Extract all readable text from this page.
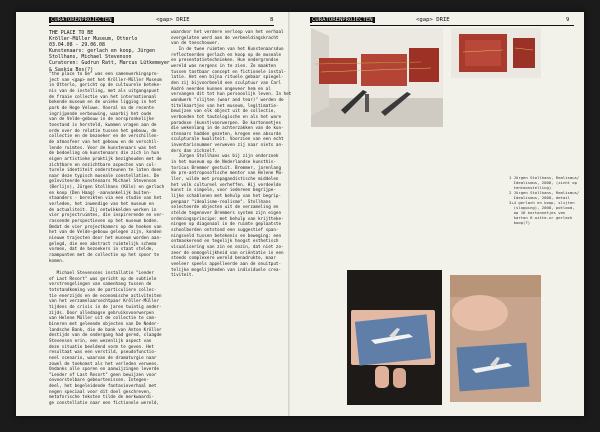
CURATORENPROJECTEN	<gap> DRIE	8
THE PLACE TO BE
Kröller-Müller Museum, Otterlo
03.04.08 - 29.06.08
Kunstenaars: gerlach en koop, Jürgen
Stollhans, Michael Stevenson
Curatoren: Gudrun Ratt, Marcus Lütkemeyer
& Saskia Bos(?)
"the place to be" was een samenwerkingspro-
ject van <gap> met het Kröller-Müller Museum
in Otterlo, gericht op de cultuurele beteke-
nis van de instelling, met als uitgangspunt
de fraaie collectie van het internationaal
bekende museum en de unieke ligging in het
park de Hoge Veluwe. Vooral na de recente
ingrijpende verbouwing, waarbij het oude
van de Velde-gebouw in de oorspronkelijke
toestand is hersteld, kwamen vragen aan de
orde over de relatie tussen het gebouw, de
collectie en de bezoeker en de verschillen-
de atmosfeer van het gebouw en de verschil-
lende ruimtes. Voor de kunstenaars was het
de bedoeling om kunstenaars die zich in hun
eigen artistieke praktijk bezighouden met de
zichtbare en onzichtbare aspecten van cul-
turele identiteit ondersteunen te laten doen
naar deze typisch museale constellaties. De
geïnviteerde kunstenaars Michael Stevenson
(Berlijn), Jürgen Stollhans (Köln) en gerlach
en koop (Den Haag) -aanvankelijk buiten-
staanders - bereikten via een studie van het
verleden, het inwendige van het museum en
de actualiteit. Zij ontwikkelden werken in
vier projectruimtes, die inspirerende en ver-
rassende perspectieven op het museum boden.
Omdat de vier projectkamers op de hoeken van
het van de Velde-gebouw gelegen zijn, konden
nieuwe trajecten door het museum worden aan-
gelegd, die een abstract ruimtelijk schema
vormen, dat de bezoekers in staat stelde,
raampunten met de collectie op het spoor te
komen.
Michael Stevensons installatie "Lender
of Last Resort" was gericht op de subtiele
verstrengelingen van samenhang tussen de
totstandkoming van de particuliere collec-
tie enerzijds en de economische activiteiten
van het verzamelaarsechtpaar Kröller-Müller
tijdens de crisis in de jaren twintig ander-
zijds. Door alledaagse gebruiksvoorwerpen
van Helene Müller uit de collectie te com-
bineren met geleende objecten van De Neder-
landsche Bank, die de bank van Anton Kröller
destijds van de ondergang had gered, slaagde
Stevenson erin, een wezenlijk aspect van
deze situatie beeldend vorm te geven. Het
resultaat was een verstild, pseudofunctio-
neel scenario, waarvan de dramaturgie naar
zowel de toekomst als het verleden verwees.
Ondanks alle sporen en aanwijzingen leverde
"Lender of Last Resort" geen bewijzen voor
onvoorstelbare gebeurtenissen. Integen-
deel, het begeleidende fantasieverhaal met
negen speciaal voor dit doel geschreven,
metaforische teksten tilde de merkwaardi-
ge constellatie naar een fictionele wereld,
waardoor het verdere verloop van het verhaal
overgelaten werd aan de verbeeldingskracht
van de toeschouwer.
In de twee ruimten van het Kunstenaarsduo
reflecteerden gerlach en koop op de museale
en presentatietechnieken. Hun ondergrondse
wereld was nergens in te zien. Ze maakten
tussen tastbaar concept en fictionele instal-
latie. Het een bijna rituele gebaar spiegel-
den zij bijvoorbeeld een sculptuur van Carl
André neerden kunnen ongeveer hem en al
vervangen dit tot hun persoonlijk leven. In het
wandwerk "slijten (wear and tear)" werden de
titelkaartjes van het museum, legitimatie-
bewijzen van elk object uit de collectie,
verbonden tot tautologische en als het ware
paradoxe (kunst)voorwerpen. De kartonnetjes
die wekenlang in de achterzakken van de kun-
stenaars hadden gezeten, kregen een absurde
sculpturale kwaliteit. Voorzien van een echt
inventarisnummer verweven zij naar niets an-
ders dan zichzelf.
Jürgen Stollhans was bij zijn onderzoek
in het museum op de Nederlandse kunsthis-
toricus Bremmer gestuit. Bremmer, jarenlang
de pre-antroposofische mentor van Helene Mü-
ller, wilde met propagandistische middelen
het volk cultureel verheffen. Hij verdeelde
kunst in simpele, voor iedereen begrijpe-
lijke schablonen met behulp van het begrip-
penpaar "idealisme-realisme". Stollhans
selecteerde objecten uit de verzameling en
stelde tegenover Bremmers system zijn eigen
ordeningsprincipe: met behulp van krijtteke-
ningen op diagonaal in de ruimte geplaatste
schoolborden ontstond een suggestief span-
ningsveld tussen betekenis en beweging: een
ontmaskerend en tegelijk hoogst esthetisch
visualisering van zin en onzin, dat niet zo-
zeer de onmogelijkheid van oriëntatie in een
steeds complexere wereld benadrukte, maar
veeleer speels appelleerde aan de onuitput-
telijke mogelijkheden van individuele crea-
tiviteit.
CURATORENPROJECTEN	<gap> DRIE	9
1 Jürgen Stollhans, Realismus/
Idealismus, 2008, (zicht op
tentoonstelling)
2 Jürgen Stollhans, Realismus/
Idealismus, 2008, detail
3+4 gerlach en koop, slijten
(slopping), 2008, potlood,
op 16 kartonnetjes van
karton 6 witte-ur gerlach
koop(?)
